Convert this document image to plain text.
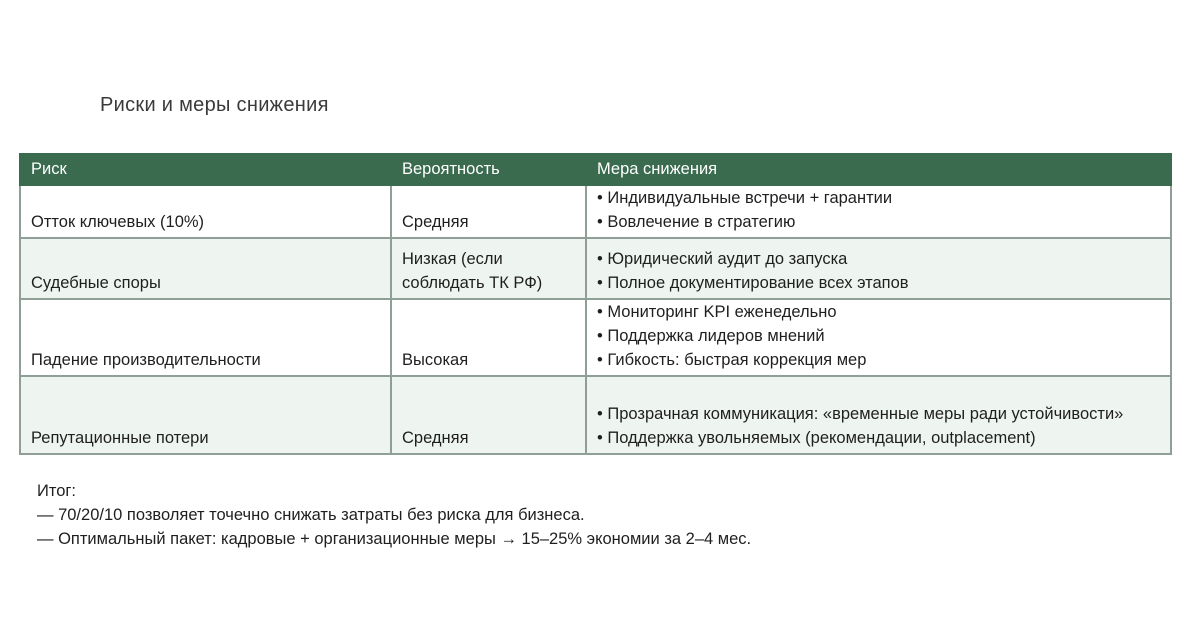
Риски и меры снижения
Риск	Вероятность	Мера снижения
Отток ключевых (10%)	Средняя	• Индивидуальные встречи + гарантии
• Вовлечение в стратегию

Судебные споры	Низкая (если соблюдать ТК РФ)	• Юридический аудит до запуска
• Полное документирование всех этапов

Падение производительности	Высокая	• Мониторинг KPI еженедельно
• Поддержка лидеров мнений
• Гибкость: быстрая коррекция мер

Репутационные потери	Средняя	• Прозрачная коммуникация: «временные меры ради устойчивости»
• Поддержка увольняемых (рекомендации, outplacement)
Итог:
— 70/20/10 позволяет точечно снижать затраты без риска для бизнеса.
— Оптимальный пакет: кадровые + организационные меры → 15–25% экономии за 2–4 мес.
